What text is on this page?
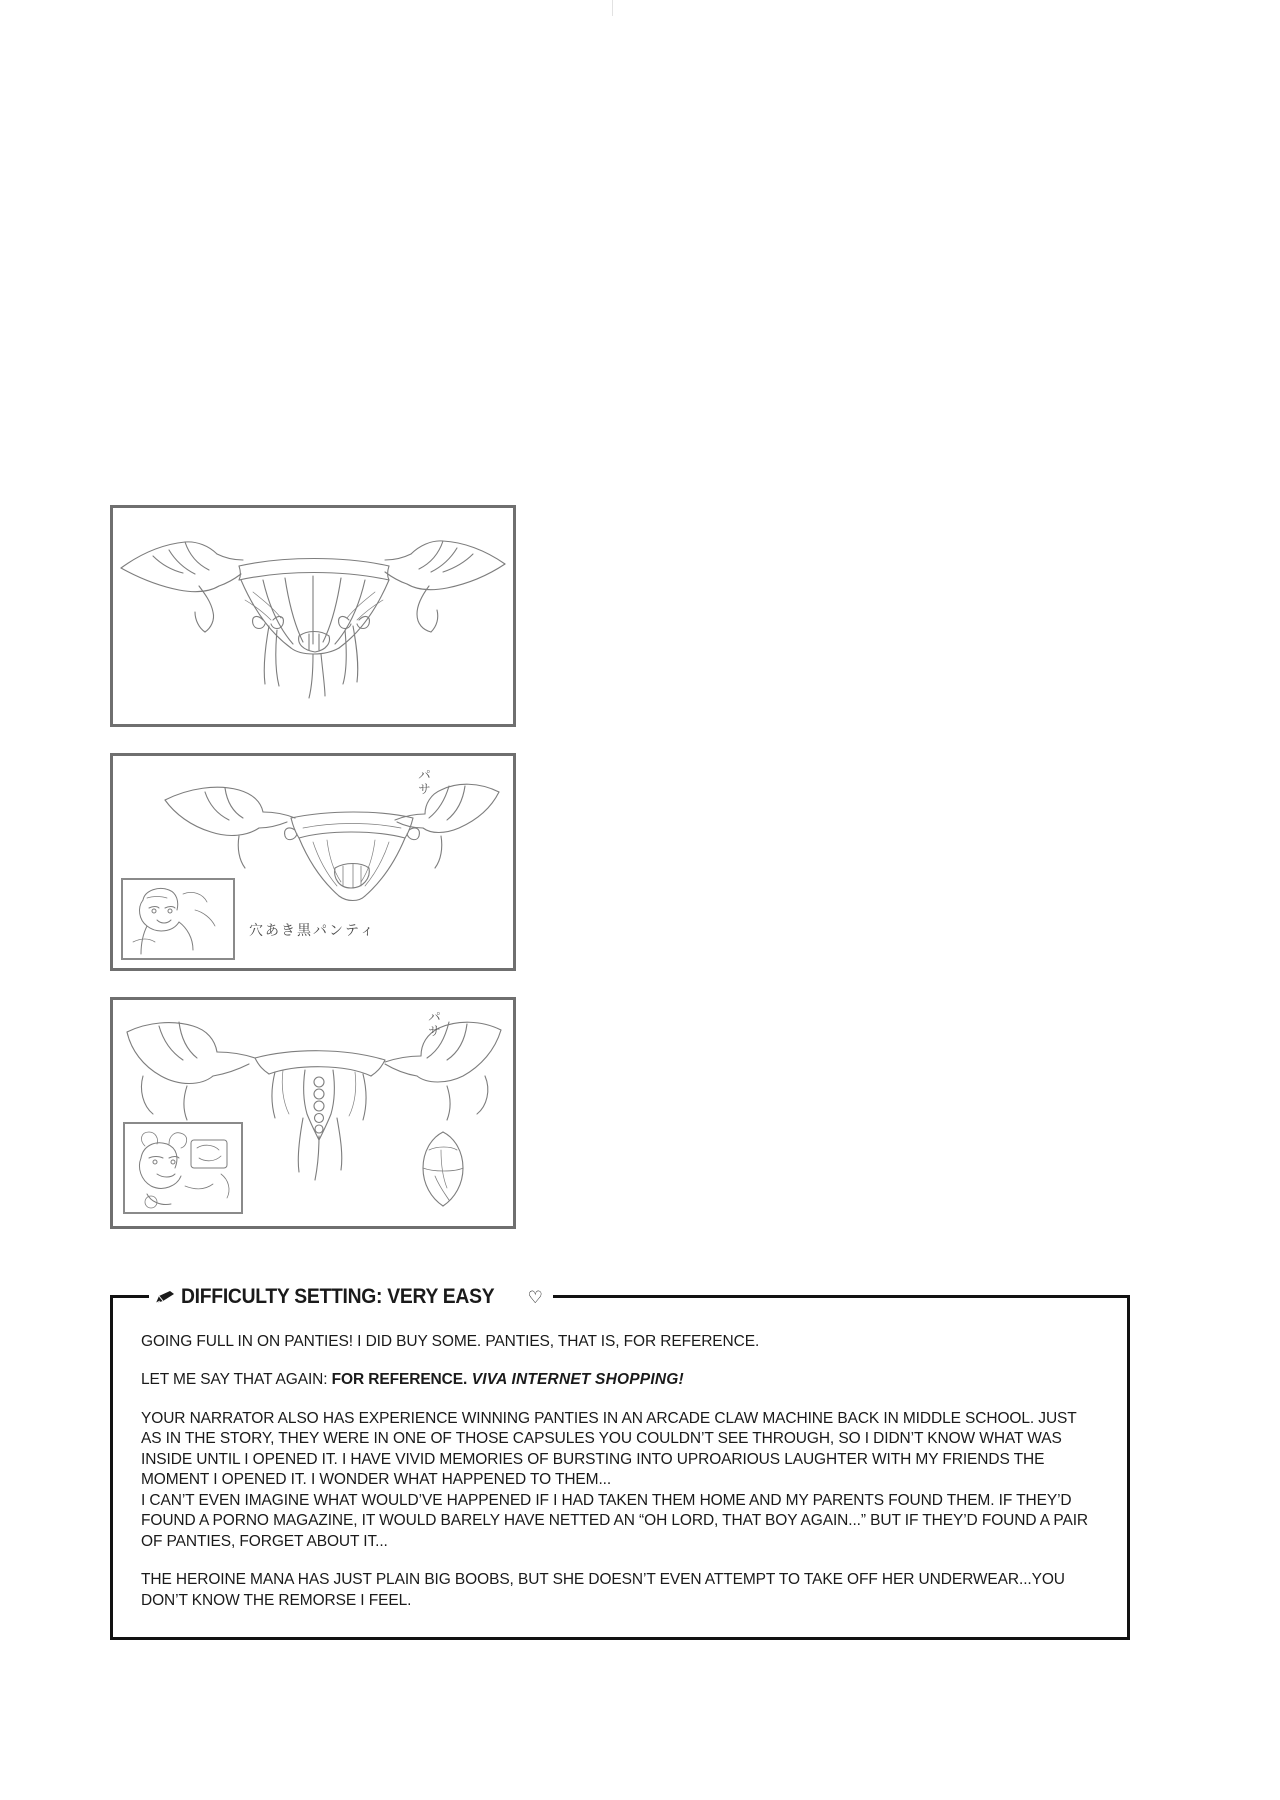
パサ
穴あき黒パンティ
パサ
DIFFICULTY SETTING: VERY EASY ♡

GOING FULL IN ON PANTIES! I DID BUY SOME. PANTIES, THAT IS, FOR REFERENCE.

LET ME SAY THAT AGAIN: FOR REFERENCE. VIVA INTERNET SHOPPING!

YOUR NARRATOR ALSO HAS EXPERIENCE WINNING PANTIES IN AN ARCADE CLAW MACHINE BACK IN MIDDLE SCHOOL. JUST AS IN THE STORY, THEY WERE IN ONE OF THOSE CAPSULES YOU COULDN’T SEE THROUGH, SO I DIDN’T KNOW WHAT WAS INSIDE UNTIL I OPENED IT. I HAVE VIVID MEMORIES OF BURSTING INTO UPROARIOUS LAUGHTER WITH MY FRIENDS THE MOMENT I OPENED IT. I WONDER WHAT HAPPENED TO THEM...

I CAN’T EVEN IMAGINE WHAT WOULD’VE HAPPENED IF I HAD TAKEN THEM HOME AND MY PARENTS FOUND THEM. IF THEY’D FOUND A PORNO MAGAZINE, IT WOULD BARELY HAVE NETTED AN “OH LORD, THAT BOY AGAIN...” BUT IF THEY’D FOUND A PAIR OF PANTIES, FORGET ABOUT IT...

THE HEROINE MANA HAS JUST PLAIN BIG BOOBS, BUT SHE DOESN’T EVEN ATTEMPT TO TAKE OFF HER UNDERWEAR...YOU DON’T KNOW THE REMORSE I FEEL.
